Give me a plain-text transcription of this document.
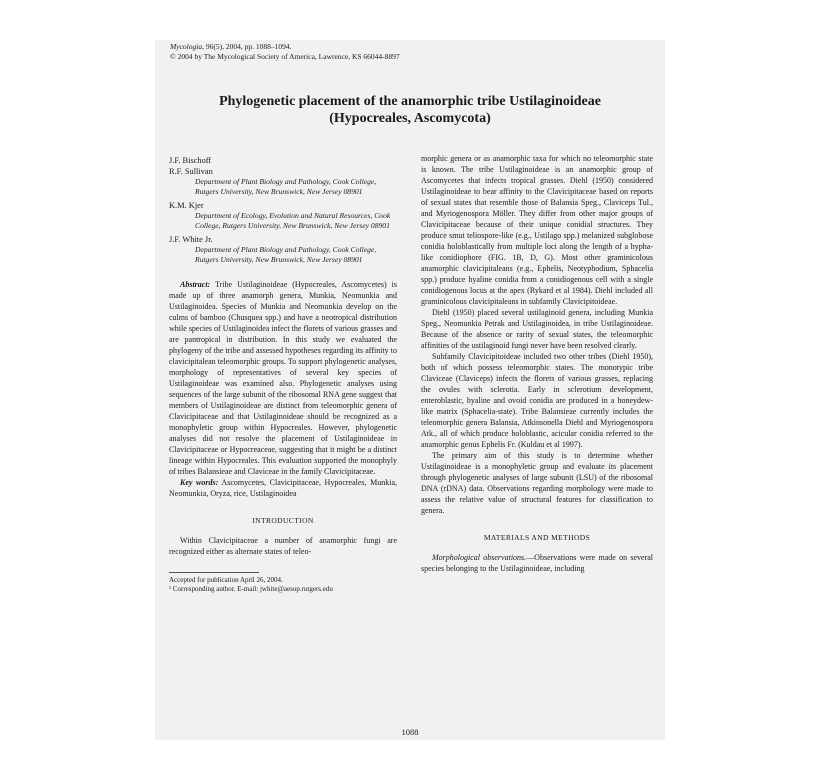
Mycologia, 96(5), 2004, pp. 1088–1094.
© 2004 by The Mycological Society of America, Lawrence, KS 66044-8897
Phylogenetic placement of the anamorphic tribe Ustilaginoideae
(Hypocreales, Ascomycota)
J.F. Bischoff
R.F. Sullivan
Department of Plant Biology and Pathology, Cook College, Rutgers University, New Brunswick, New Jersey 08901
K.M. Kjer
Department of Ecology, Evolution and Natural Resources, Cook College, Rutgers University, New Brunswick, New Jersey 08901
J.F. White Jr.
Department of Plant Biology and Pathology, Cook College, Rutgers University, New Brunswick, New Jersey 08901

Abstract: Tribe Ustilaginoideae (Hypocreales, Ascomycetes) is made up of three anamorph genera, Munkia, Neomunkia and Ustilaginoidea. Species of Munkia and Neomunkia develop on the culms of bamboo (Chusquea spp.) and have a neotropical distribution while species of Ustilaginoidea infect the florets of various grasses and are pantropical in distribution. In this study we evaluated the phylogeny of the tribe and assessed hypotheses regarding its affinity to clavicipitalean teleomorphic groups. To support phylogenetic analyses, morphology of representatives of several key species of Ustilaginoideae was examined also. Phylogenetic analyses using sequences of the large subunit of the ribosomal RNA gene suggest that members of Ustilaginoideae are distinct from teleomorphic genera of Clavicipitaceae and that Ustilaginoideae should be recognized as a monophyletic group within Hypocreales. However, phylogenetic analyses did not resolve the placement of Ustilaginoideae in Clavicipitaceae or Hypocreaceae, suggesting that it might be a distinct lineage within Hypocreales. This evaluation supported the monophyly of tribes Balansieae and Claviceae in the family Clavicipitaceae.

Key words: Ascomycetes, Clavicipitaceae, Hypocreales, Munkia, Neomunkia, Oryza, rice, Ustilaginoidea

INTRODUCTION

Within Clavicipitaceae a number of anamorphic fungi are recognized either as alternate states of teleo-

Accepted for publication April 26, 2004.
¹ Corresponding author. E-mail: jwhite@aesop.rutgers.edu

morphic genera or as anamorphic taxa for which no teleomorphic state is known. The tribe Ustilaginoideae is an anamorphic group of Ascomycetes that infects tropical grasses. Diehl (1950) considered Ustilaginoideae to bear affinity to the Clavicipitaceae based on reports of sexual states that resemble those of Balansia Speg., Claviceps Tul., and Myriogenospora Möller. They differ from other major groups of Clavicipitaceae because of their unique conidial structures. They produce smut teliospore-like (e.g., Ustilago spp.) melanized subglobose conidia holoblastically from multiple loci along the length of a hypha-like conidiophore (FIG. 1B, D, G). Most other graminicolous anamorphic clavicipitaleans (e.g., Ephelis, Neotyphodium, Sphacelia spp.) produce hyaline conidia from a conidiogenous cell with a single conidiogenous locus at the apex (Rykard et al 1984). Diehl included all graminicolous clavicipitaleans in subfamily Clavicipitoideae.

Diehl (1950) placed several ustilaginoid genera, including Munkia Speg., Neomunkia Petrak and Ustilaginoidea, in tribe Ustilaginoideae. Because of the absence or rarity of sexual states, the teleomorphic affinities of the ustilaginoid fungi never have been resolved clearly.

Subfamily Clavicipitoideae included two other tribes (Diehl 1950), both of which possess teleomorphic states. The monotypic tribe Claviceae (Claviceps) infects the florets of various grasses, replacing the ovules with sclerotia. Early in sclerotium development, enteroblastic, hyaline and ovoid conidia are produced in a honeydew-like matrix (Sphacelia-state). Tribe Balansieae currently includes the teleomorphic genera Balansia, Atkinsonella Diehl and Myriogenospora Atk., all of which produce holoblastic, acicular conidia referred to the anamorphic genus Ephelis Fr. (Kuldau et al 1997).

The primary aim of this study is to determine whether Ustilaginoideae is a monophyletic group and evaluate its placement through phylogenetic analyses of large subunit (LSU) of the ribosomal DNA (rDNA) data. Observations regarding morphology were made to assess the relative value of structural features for classification to genera.

MATERIALS AND METHODS

Morphological observations.—Observations were made on several species belonging to the Ustilaginoideae, including

1088
